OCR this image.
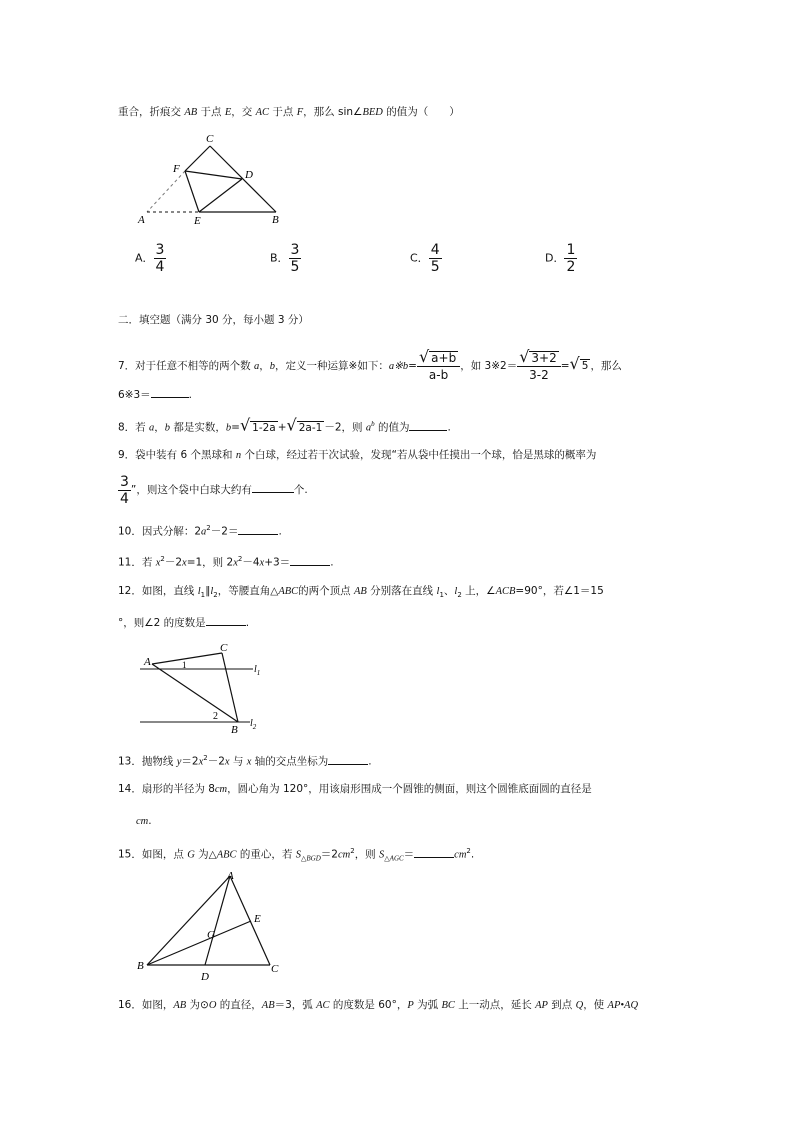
重合，折痕交 AB 于点 E，交 AC 于点 F，那么 sin∠BED 的值为（　　）
C
F	D
A	E	B
A． $\frac{3}{4}$	B． $\frac{3}{5}$	C． $\frac{4}{5}$	D． $\frac{1}{2}$
二．填空题（满分 30 分，每小题 3 分）
7．对于任意不相等的两个数 a，b，定义一种运算※如下：a※b= $\frac{√ a+b}{a-b}$ ，如 3※2＝ $\frac{√ 3+2}{3-2}$ =√ 5 ，那么
6※3＝	.
8．若 a，b 都是实数，b=√ 1-2a +√ 2a-1 －2，则 $a^b$ 的值为	.
9．袋中装有 6 个黑球和 n 个白球，经过若干次试验，发现“若从袋中任摸出一个球，恰是黑球的概率为
$\frac{3}{4}$ ”，则这个袋中白球大约有	个.
10．因式分解：$2a^2-2=$	.
11．若 $x^2-2x=1$，则 $2x^2-4x+3=$	.
12．如图，直线 $l_1\parallel l_2$，等腰直角△ABC的两个顶点 AB 分别落在直线 $l_1$、$l_2$ 上，∠ACB=90°，若∠1＝15
°，则∠2 的度数是	.
A
C
1	$l_1$
2
B
$l_2$
13．抛物线 $y=2x^2-2x$ 与 x 轴的交点坐标为	.
14．扇形的半径为 8cm，圆心角为 120°，用该扇形围成一个圆锥的侧面，则这个圆锥底面圆的直径是
cm.
15．如图，点 G 为△ABC 的重心，若 $S_{\triangle BGD}=2cm^2$，则 $S_{\triangle AGC}=$	$cm^2$.
A
E
G
B
D
C
16．如图，AB 为⊙O 的直径，AB＝3，弧 AC 的度数是 60°，P 为弧 BC 上一动点，延长 AP 到点 Q，使 AP•AQ
